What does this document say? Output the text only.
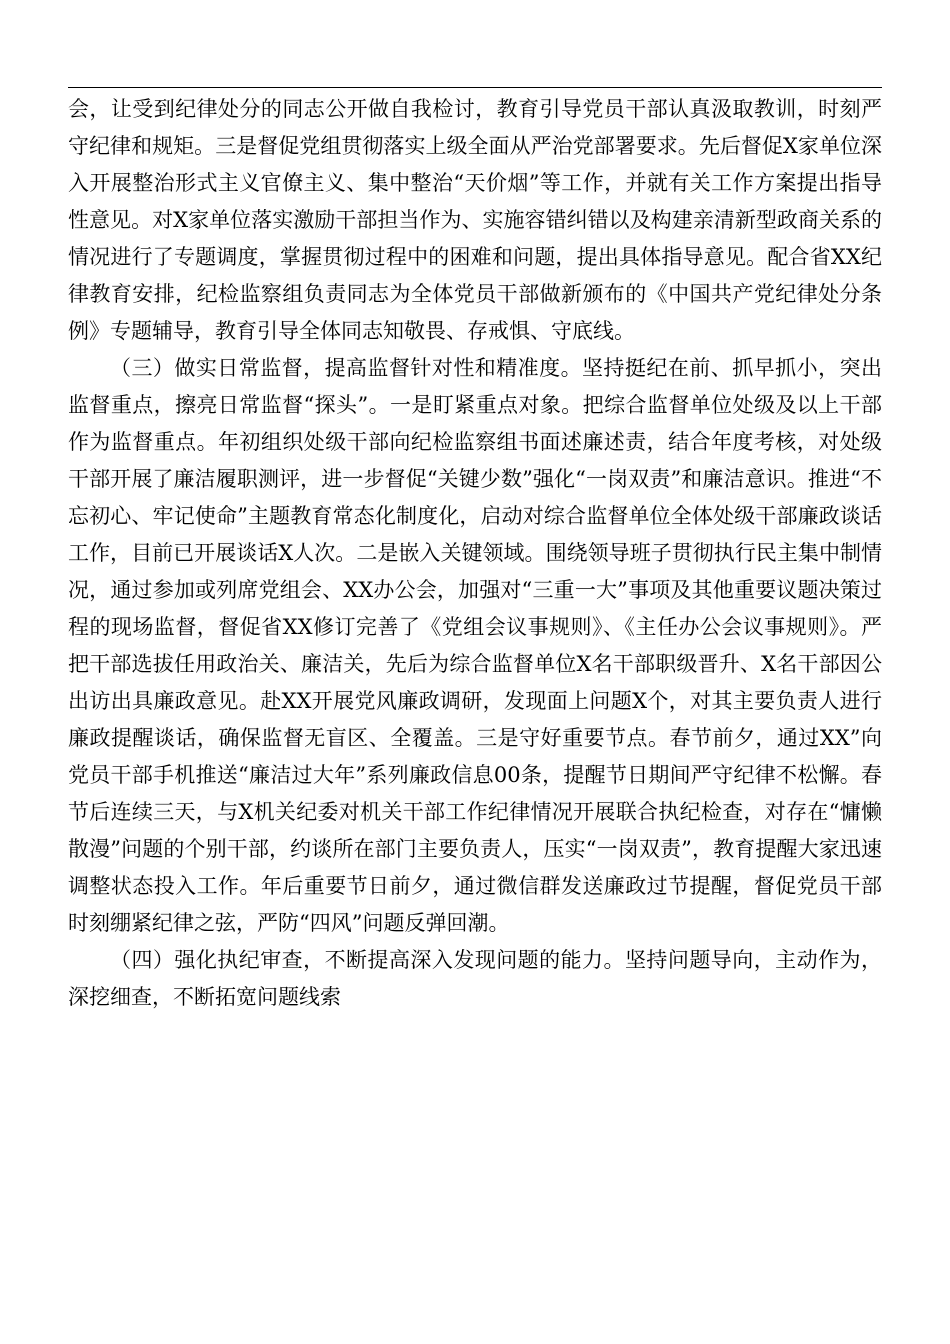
会，让受到纪律处分的同志公开做自我检讨，教育引导党员干部认真汲取教训，时刻严守纪律和规矩。三是督促党组贯彻落实上级全面从严治党部署要求。先后督促X家单位深入开展整治形式主义官僚主义、集中整治“天价烟”等工作，并就有关工作方案提出指导性意见。对X家单位落实激励干部担当作为、实施容错纠错以及构建亲清新型政商关系的情况进行了专题调度，掌握贯彻过程中的困难和问题，提出具体指导意见。配合省XX纪律教育安排，纪检监察组负责同志为全体党员干部做新颁布的《中国共产党纪律处分条例》专题辅导，教育引导全体同志知敬畏、存戒惧、守底线。

（三）做实日常监督，提高监督针对性和精准度。坚持挺纪在前、抓早抓小，突出监督重点，擦亮日常监督“探头”。一是盯紧重点对象。把综合监督单位处级及以上干部作为监督重点。年初组织处级干部向纪检监察组书面述廉述责，结合年度考核，对处级干部开展了廉洁履职测评，进一步督促“关键少数”强化“一岗双责”和廉洁意识。推进“不忘初心、牢记使命”主题教育常态化制度化，启动对综合监督单位全体处级干部廉政谈话工作，目前已开展谈话X人次。二是嵌入关键领域。围绕领导班子贯彻执行民主集中制情况，通过参加或列席党组会、XX办公会，加强对“三重一大”事项及其他重要议题决策过程的现场监督，督促省XX修订完善了《党组会议事规则》、《主任办公会议事规则》。严把干部选拔任用政治关、廉洁关，先后为综合监督单位X名干部职级晋升、X名干部因公出访出具廉政意见。赴XX开展党风廉政调研，发现面上问题X个，对其主要负责人进行廉政提醒谈话，确保监督无盲区、全覆盖。三是守好重要节点。春节前夕，通过XX”向党员干部手机推送“廉洁过大年”系列廉政信息00条，提醒节日期间严守纪律不松懈。春节后连续三天，与X机关纪委对机关干部工作纪律情况开展联合执纪检查，对存在“慵懒散漫”问题的个别干部，约谈所在部门主要负责人，压实“一岗双责”，教育提醒大家迅速调整状态投入工作。年后重要节日前夕，通过微信群发送廉政过节提醒，督促党员干部时刻绷紧纪律之弦，严防“四风”问题反弹回潮。

（四）强化执纪审查，不断提高深入发现问题的能力。坚持问题导向，主动作为，深挖细查，不断拓宽问题线索
